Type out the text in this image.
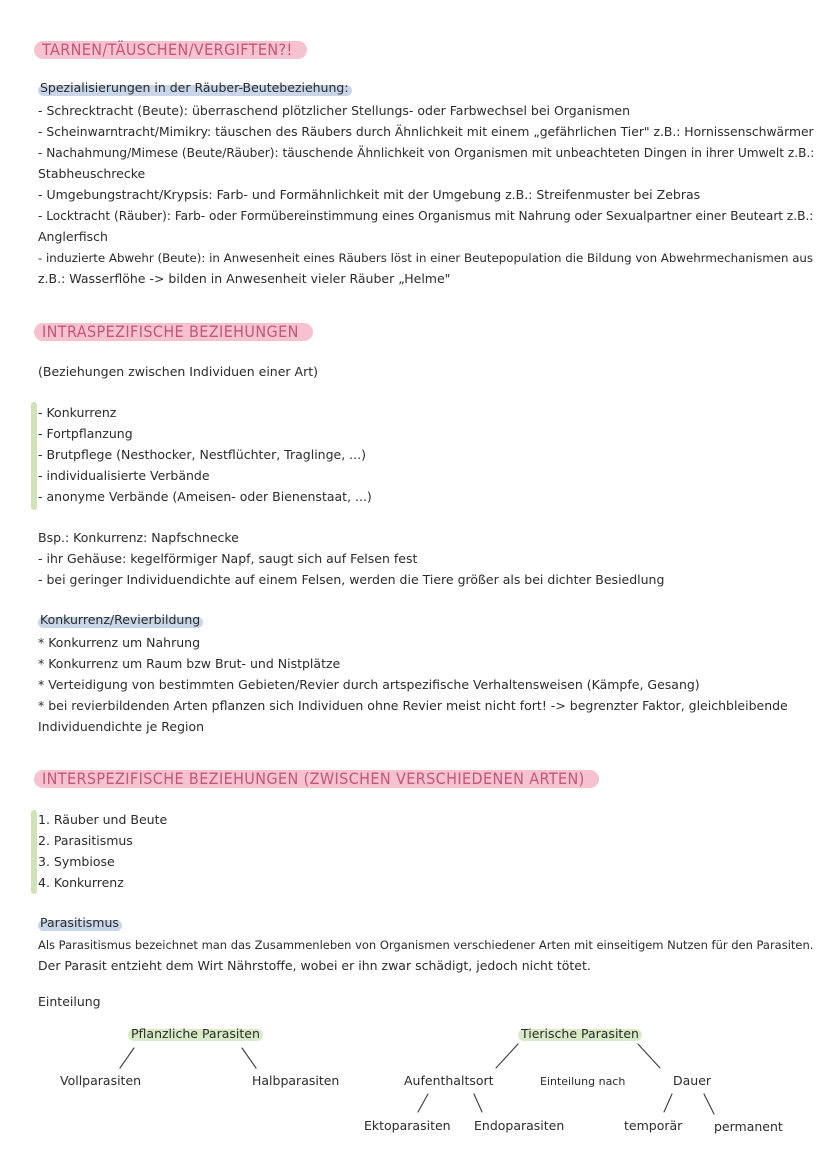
TARNEN/TÄUSCHEN/VERGIFTEN?!
Spezialisierungen in der Räuber-Beutebeziehung:
- Schrecktracht (Beute): überraschend plötzlicher Stellungs- oder Farbwechsel bei Organismen
- Scheinwarntracht/Mimikry: täuschen des Räubers durch Ähnlichkeit mit einem „gefährlichen Tier" z.B.: Hornissenschwärmer
- Nachahmung/Mimese (Beute/Räuber): täuschende Ähnlichkeit von Organismen mit unbeachteten Dingen in ihrer Umwelt z.B.:
Stabheuschrecke
- Umgebungstracht/Krypsis: Farb- und Formähnlichkeit mit der Umgebung z.B.: Streifenmuster bei Zebras
- Locktracht (Räuber): Farb- oder Formübereinstimmung eines Organismus mit Nahrung oder Sexualpartner einer Beuteart z.B.:
Anglerfisch
- induzierte Abwehr (Beute): in Anwesenheit eines Räubers löst in einer Beutepopulation die Bildung von Abwehrmechanismen aus
z.B.: Wasserflöhe -> bilden in Anwesenheit vieler Räuber „Helme"
INTRASPEZIFISCHE BEZIEHUNGEN
(Beziehungen zwischen Individuen einer Art)
- Konkurrenz
- Fortpflanzung
- Brutpflege (Nesthocker, Nestflüchter, Traglinge, ...)
- individualisierte Verbände
- anonyme Verbände (Ameisen- oder Bienenstaat, ...)
Bsp.: Konkurrenz: Napfschnecke
- ihr Gehäuse: kegelförmiger Napf, saugt sich auf Felsen fest
- bei geringer Individuendichte auf einem Felsen, werden die Tiere größer als bei dichter Besiedlung
Konkurrenz/Revierbildung
* Konkurrenz um Nahrung
* Konkurrenz um Raum bzw Brut- und Nistplätze
* Verteidigung von bestimmten Gebieten/Revier durch artspezifische Verhaltensweisen (Kämpfe, Gesang)
* bei revierbildenden Arten pflanzen sich Individuen ohne Revier meist nicht fort! -> begrenzter Faktor, gleichbleibende
Individuendichte je Region
INTERSPEZIFISCHE BEZIEHUNGEN (ZWISCHEN VERSCHIEDENEN ARTEN)
1. Räuber und Beute
2. Parasitismus
3. Symbiose
4. Konkurrenz
Parasitismus
Als Parasitismus bezeichnet man das Zusammenleben von Organismen verschiedener Arten mit einseitigem Nutzen für den Parasiten.
Der Parasit entzieht dem Wirt Nährstoffe, wobei er ihn zwar schädigt, jedoch nicht tötet.
Einteilung
Pflanzliche Parasiten
Vollparasiten	Halbparasiten
Tierische Parasiten
Aufenthaltsort	Einteilung nach	Dauer
Ektoparasiten Endoparasiten	temporär	permanent
